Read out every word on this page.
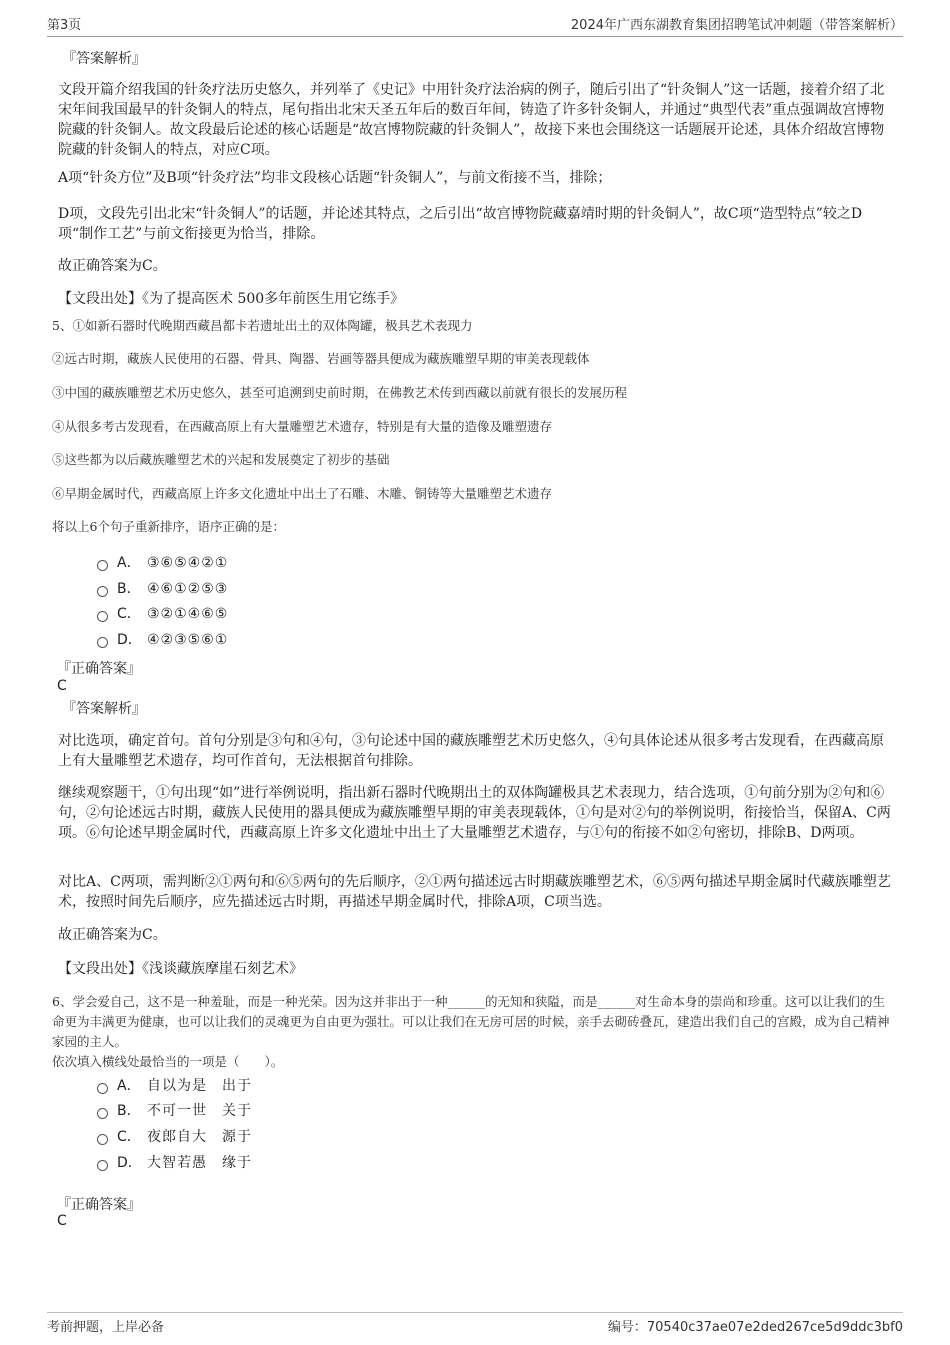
第3页	2024年广西东湖教育集团招聘笔试冲刺题（带答案解析）
『答案解析』
文段开篇介绍我国的针灸疗法历史悠久，并列举了《史记》中用针灸疗法治病的例子，随后引出了“针灸铜人”这一话题，接着介绍了北宋年间我国最早的针灸铜人的特点，尾句指出北宋天圣五年后的数百年间，铸造了许多针灸铜人，并通过“典型代表”重点强调故宫博物院藏的针灸铜人。故文段最后论述的核心话题是“故宫博物院藏的针灸铜人”，故接下来也会围绕这一话题展开论述，具体介绍故宫博物院藏的针灸铜人的特点，对应C项。
A项“针灸方位”及B项“针灸疗法”均非文段核心话题“针灸铜人”，与前文衔接不当，排除；
D项，文段先引出北宋“针灸铜人”的话题，并论述其特点，之后引出“故宫博物院藏嘉靖时期的针灸铜人”，故C项“造型特点”较之D项“制作工艺”与前文衔接更为恰当，排除。
故正确答案为C。
【文段出处】《为了提高医术 500多年前医生用它练手》
5、①如新石器时代晚期西藏昌都卡若遗址出土的双体陶罐，极具艺术表现力
②远古时期，藏族人民使用的石器、骨具、陶器、岩画等器具便成为藏族雕塑早期的审美表现载体
③中国的藏族雕塑艺术历史悠久，甚至可追溯到史前时期，在佛教艺术传到西藏以前就有很长的发展历程
④从很多考古发现看，在西藏高原上有大量雕塑艺术遗存，特别是有大量的造像及雕塑遗存
⑤这些都为以后藏族雕塑艺术的兴起和发展奠定了初步的基础
⑥早期金属时代，西藏高原上许多文化遗址中出土了石雕、木雕、铜铸等大量雕塑艺术遗存
将以上6个句子重新排序，语序正确的是：
A． ③⑥⑤④②①
B． ④⑥①②⑤③
C． ③②①④⑥⑤
D． ④②③⑤⑥①
『正确答案』
C
『答案解析』
对比选项，确定首句。首句分别是③句和④句，③句论述中国的藏族雕塑艺术历史悠久，④句具体论述从很多考古发现看，在西藏高原上有大量雕塑艺术遗存，均可作首句，无法根据首句排除。
继续观察题干，①句出现“如”进行举例说明，指出新石器时代晚期出土的双体陶罐极具艺术表现力，结合选项，①句前分别为②句和⑥句，②句论述远古时期，藏族人民使用的器具便成为藏族雕塑早期的审美表现载体，①句是对②句的举例说明，衔接恰当，保留A、C两项。⑥句论述早期金属时代，西藏高原上许多文化遗址中出土了大量雕塑艺术遗存，与①句的衔接不如②句密切，排除B、D两项。
对比A、C两项，需判断②①两句和⑥⑤两句的先后顺序，②①两句描述远古时期藏族雕塑艺术，⑥⑤两句描述早期金属时代藏族雕塑艺术，按照时间先后顺序，应先描述远古时期，再描述早期金属时代，排除A项，C项当选。
故正确答案为C。
【文段出处】《浅谈藏族摩崖石刻艺术》
6、学会爱自己，这不是一种羞耻，而是一种光荣。因为这并非出于一种______的无知和狭隘，而是______对生命本身的崇尚和珍重。这可以让我们的生命更为丰满更为健康，也可以让我们的灵魂更为自由更为强壮。可以让我们在无房可居的时候，亲手去砌砖叠瓦，建造出我们自己的宫殿，成为自己精神家园的主人。
依次填入横线处最恰当的一项是（　　）。
A． 自以为是　出于
B． 不可一世　关于
C． 夜郎自大　源于
D． 大智若愚　缘于
『正确答案』
C
考前押题，上岸必备	编号：70540c37ae07e2ded267ce5d9ddc3bf0
